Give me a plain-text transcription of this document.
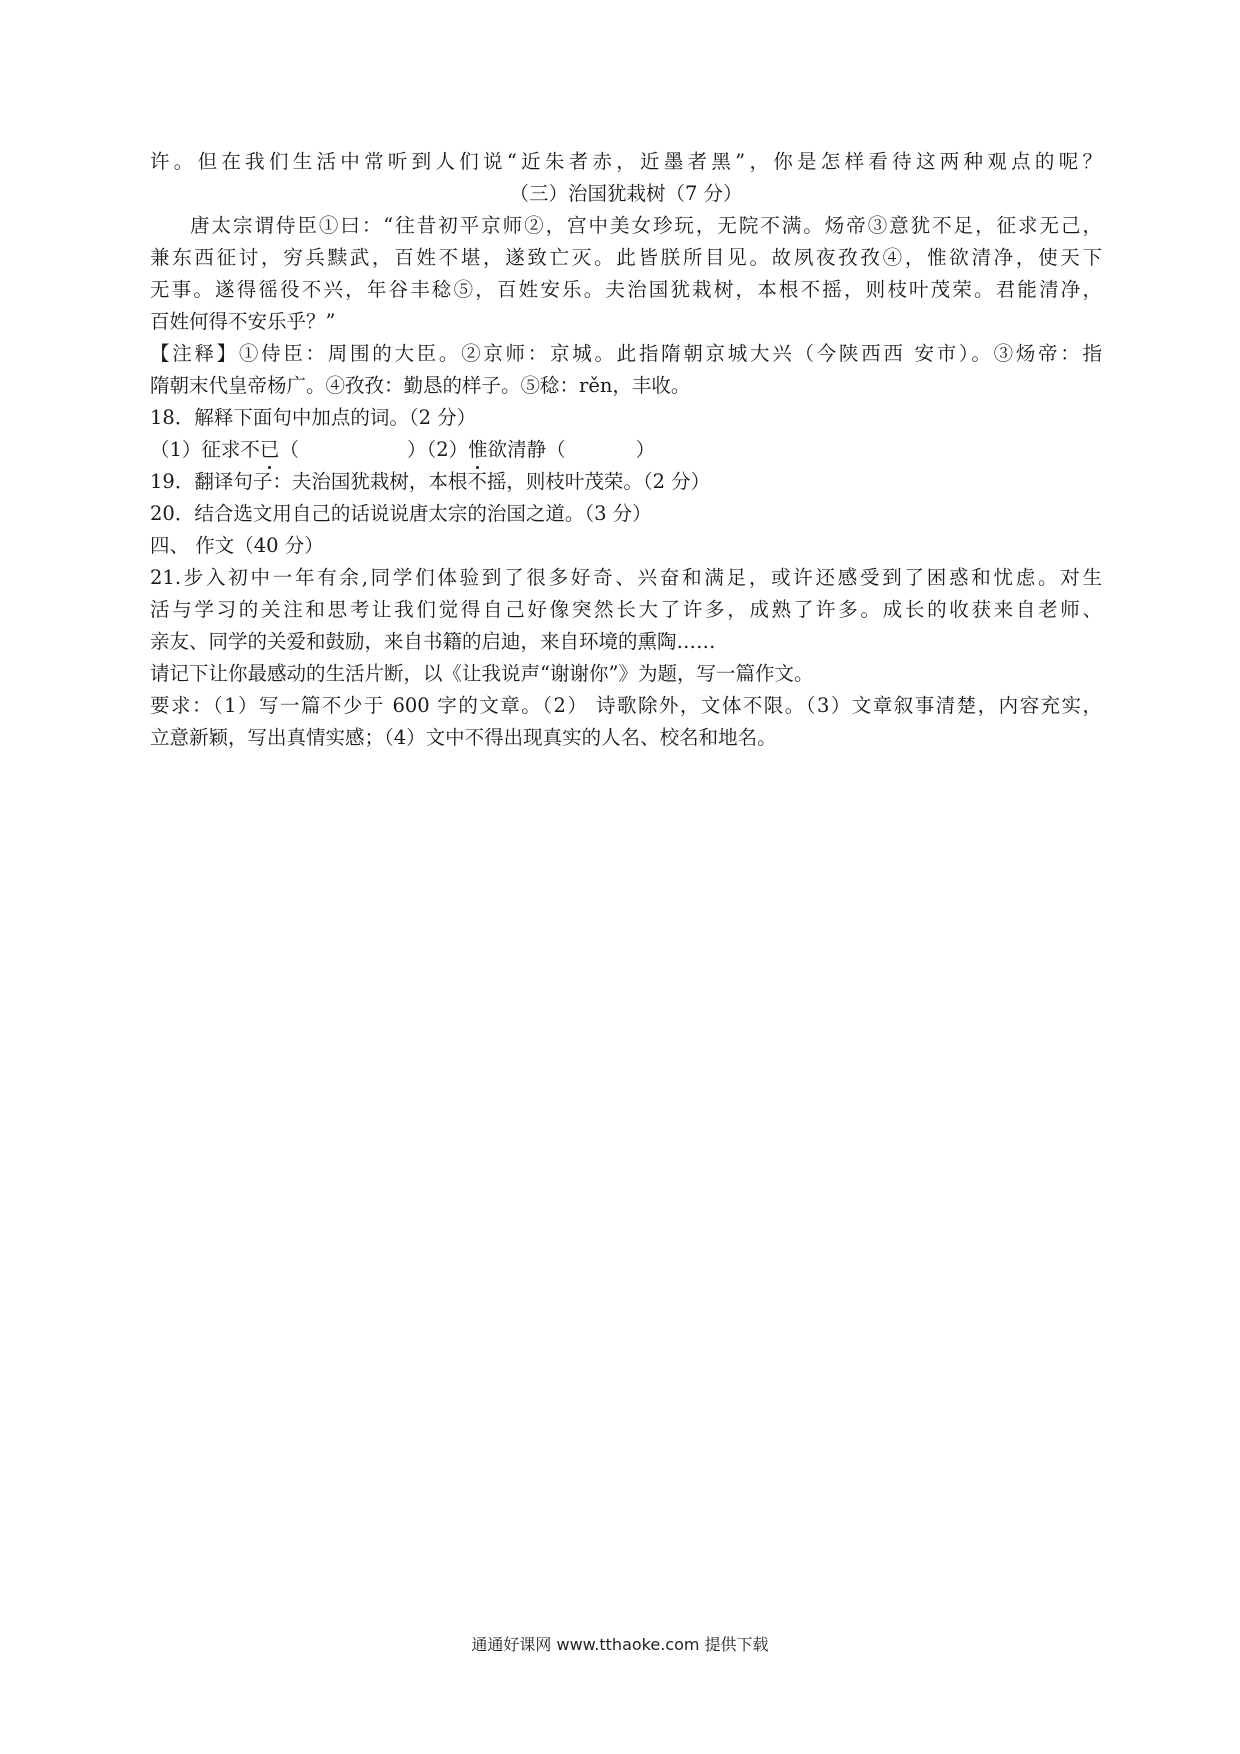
许。但在我们生活中常听到人们说“近朱者赤，近墨者黑”，你是怎样看待这两种观点的呢？
（三）治国犹栽树（7 分）
唐太宗谓侍臣①曰：“往昔初平京师②，宫中美女珍玩，无院不满。炀帝③意犹不足，征求无己，
兼东西征讨，穷兵黩武，百姓不堪，遂致亡灭。此皆朕所目见。故夙夜孜孜④，惟欲清净，使天下
无事。遂得徭役不兴，年谷丰稔⑤，百姓安乐。夫治国犹栽树，本根不摇，则枝叶茂荣。君能清净，
百姓何得不安乐乎？”
【注释】①侍臣：周围的大臣。②京师：京城。此指隋朝京城大兴（今陕西西 安市）。③炀帝：指
隋朝末代皇帝杨广。④孜孜：勤恳的样子。⑤稔：rěn，丰收。
18．解释下面句中加点的词。（2 分）
（1）征求不已（	）（2）惟欲清静（	）
19．翻译句子：夫治国犹栽树，本根不摇，则枝叶茂荣。（2 分）
20．结合选文用自己的话说说唐太宗的治国之道。（3 分）
四、 作文（40 分）
21.步入初中一年有余,同学们体验到了很多好奇、兴奋和满足，或许还感受到了困惑和忧虑。对生
活与学习的关注和思考让我们觉得自己好像突然长大了许多，成熟了许多。成长的收获来自老师、
亲友、同学的关爱和鼓励，来自书籍的启迪，来自环境的熏陶……
请记下让你最感动的生活片断，以《让我说声“谢谢你”》为题，写一篇作文。
要求：（1）写一篇不少于 600 字的文章。（2） 诗歌除外，文体不限。（3）文章叙事清楚，内容充实，
立意新颖，写出真情实感；（4）文中不得出现真实的人名、校名和地名。
通通好课网 www.tthaoke.com 提供下载
